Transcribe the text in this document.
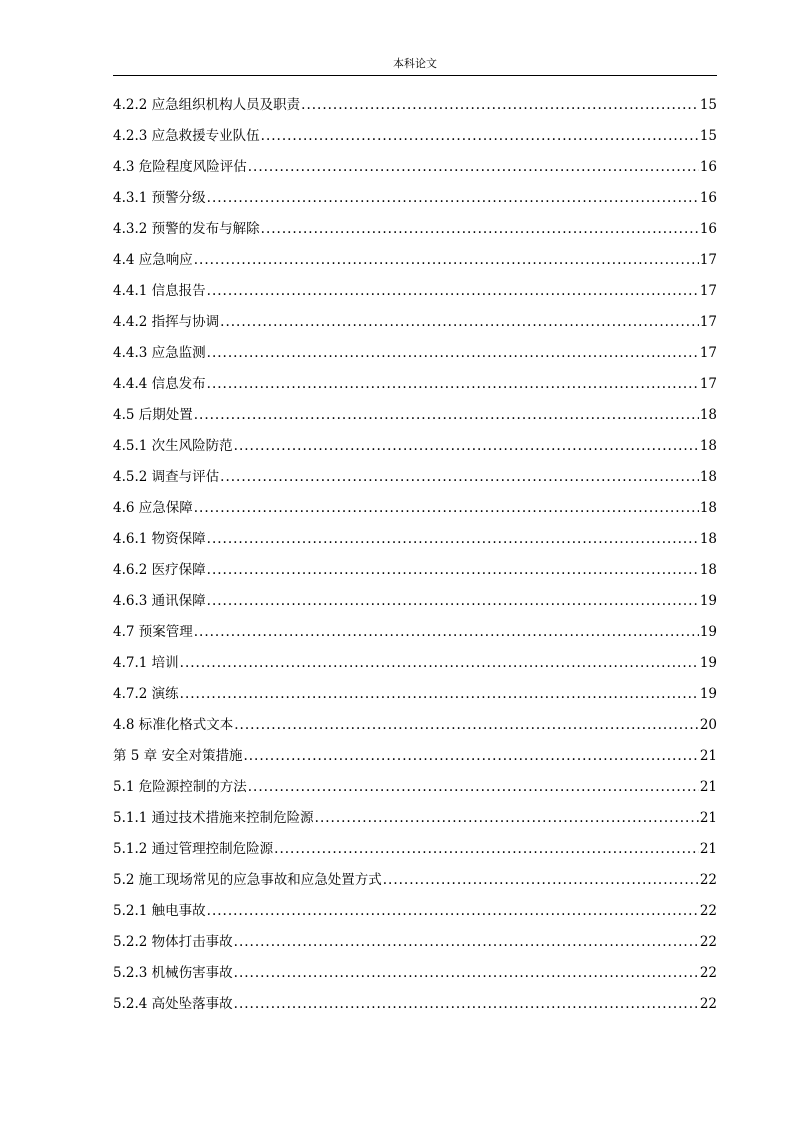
本科论文
4.2.2 应急组织机构人员及职责 .....	15
4.2.3 应急救援专业队伍 .....	15
4.3 危险程度风险评估 .....	16
4.3.1 预警分级 .....	16
4.3.2 预警的发布与解除 .....	16
4.4 应急响应 .....	17
4.4.1 信息报告 .....	17
4.4.2 指挥与协调 .....	17
4.4.3 应急监测 .....	17
4.4.4 信息发布 .....	17
4.5 后期处置 .....	18
4.5.1 次生风险防范 .....	18
4.5.2 调查与评估 .....	18
4.6 应急保障 .....	18
4.6.1 物资保障 .....	18
4.6.2 医疗保障 .....	18
4.6.3 通讯保障 .....	19
4.7 预案管理 .....	19
4.7.1 培训 .....	19
4.7.2 演练 .....	19
4.8 标准化格式文本 .....	20
第 5 章 安全对策措施 .....	21
5.1 危险源控制的方法 .....	21
5.1.1 通过技术措施来控制危险源 .....	21
5.1.2 通过管理控制危险源 .....	21
5.2 施工现场常见的应急事故和应急处置方式 .....	22
5.2.1 触电事故 .....	22
5.2.2 物体打击事故 .....	22
5.2.3 机械伤害事故 .....	22
5.2.4 高处坠落事故 .....	22
